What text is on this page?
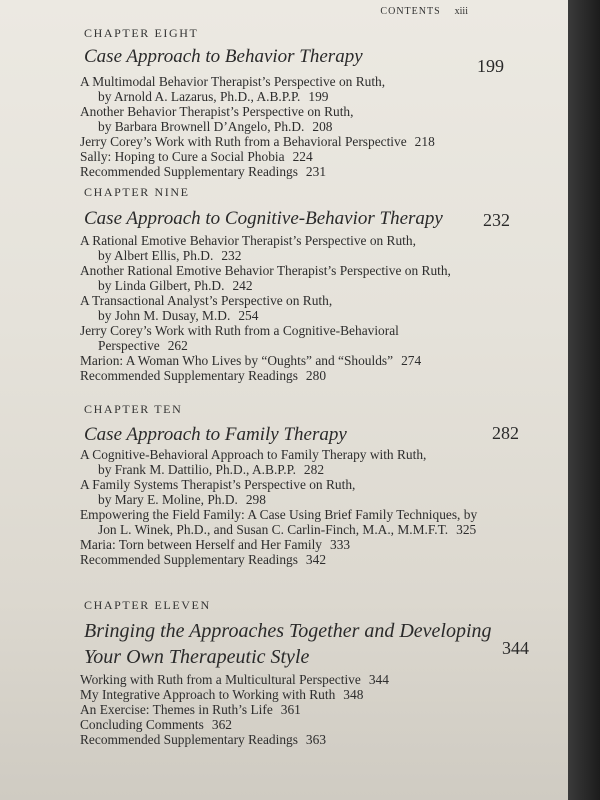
CONTENTS xiii
CHAPTER EIGHT
Case Approach to Behavior Therapy	199
A Multimodal Behavior Therapist’s Perspective on Ruth,
by Arnold A. Lazarus, Ph.D., A.B.P.P. 199
Another Behavior Therapist’s Perspective on Ruth,
by Barbara Brownell D’Angelo, Ph.D. 208
Jerry Corey’s Work with Ruth from a Behavioral Perspective 218
Sally: Hoping to Cure a Social Phobia 224
Recommended Supplementary Readings 231
CHAPTER NINE
Case Approach to Cognitive-Behavior Therapy 232
A Rational Emotive Behavior Therapist’s Perspective on Ruth,
by Albert Ellis, Ph.D. 232
Another Rational Emotive Behavior Therapist’s Perspective on Ruth,
by Linda Gilbert, Ph.D. 242
A Transactional Analyst’s Perspective on Ruth,
by John M. Dusay, M.D. 254
Jerry Corey’s Work with Ruth from a Cognitive-Behavioral
Perspective 262
Marion: A Woman Who Lives by “Oughts” and “Shoulds” 274
Recommended Supplementary Readings 280
CHAPTER TEN
Case Approach to Family Therapy	282
A Cognitive-Behavioral Approach to Family Therapy with Ruth,
by Frank M. Dattilio, Ph.D., A.B.P.P. 282
A Family Systems Therapist’s Perspective on Ruth,
by Mary E. Moline, Ph.D. 298
Empowering the Field Family: A Case Using Brief Family Techniques, by
Jon L. Winek, Ph.D., and Susan C. Carlin-Finch, M.A., M.M.F.T. 325
Maria: Torn between Herself and Her Family 333
Recommended Supplementary Readings 342
CHAPTER ELEVEN
Bringing the Approaches Together and Developing
Your Own Therapeutic Style	344
Working with Ruth from a Multicultural Perspective 344
My Integrative Approach to Working with Ruth 348
An Exercise: Themes in Ruth’s Life 361
Concluding Comments 362
Recommended Supplementary Readings 363
